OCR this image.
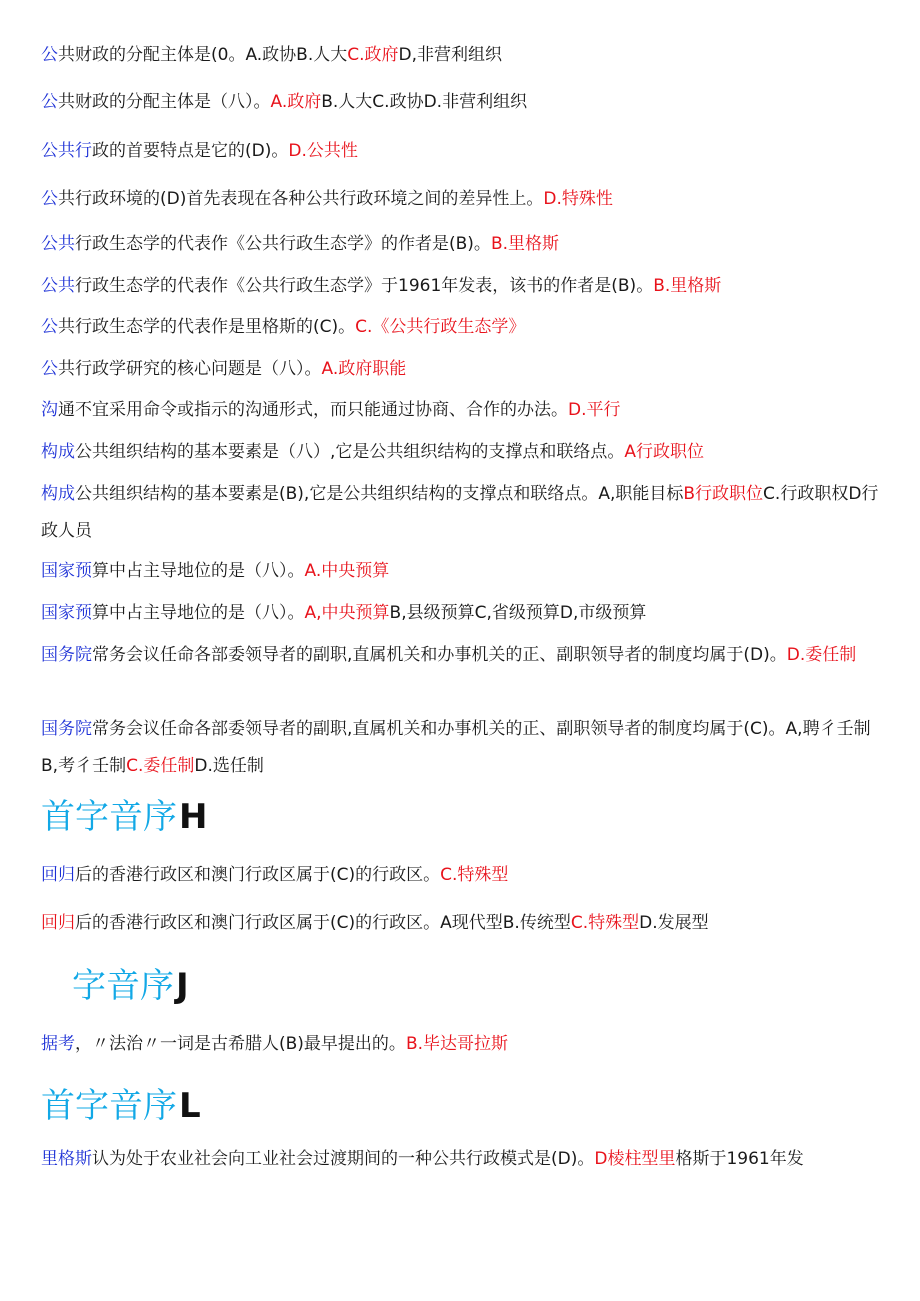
公共财政的分配主体是(0。A.政协B.人大C.政府D,非营利组织
公共财政的分配主体是（八）。A.政府B.人大C.政协D.非营利组织
公共行政的首要特点是它的(D)。D.公共性
公共行政环境的(D)首先表现在各种公共行政环境之间的差异性上。D.特殊性
公共行政生态学的代表作《公共行政生态学》的作者是(B)。B.里格斯
公共行政生态学的代表作《公共行政生态学》于1961年发表，该书的作者是(B)。B.里格斯
公共行政生态学的代表作是里格斯的(C)。C.《公共行政生态学》
公共行政学研究的核心问题是（八）。A.政府职能
沟通不宜采用命令或指示的沟通形式，而只能通过协商、合作的办法。D.平行
构成公共组织结构的基本要素是（八）,它是公共组织结构的支撑点和联络点。A行政职位
构成公共组织结构的基本要素是(B),它是公共组织结构的支撑点和联络点。A,职能目标B行政职位C.行政职权D行政人员
国家预算中占主导地位的是（八）。A.中央预算
国家预算中占主导地位的是（八）。A,中央预算B,县级预算C,省级预算D,市级预算
国务院常务会议任命各部委领导者的副职,直属机关和办事机关的正、副职领导者的制度均属于(D)。D.委任制
国务院常务会议任命各部委领导者的副职,直属机关和办事机关的正、副职领导者的制度均属于(C)。A,聘彳壬制B,考彳壬制C.委任制D.选任制
首字音序H
回归后的香港行政区和澳门行政区属于(C)的行政区。C.特殊型
回归后的香港行政区和澳门行政区属于(C)的行政区。A现代型B.传统型C.特殊型D.发展型
字音序J
据考，〃法治〃一词是古希腊人(B)最早提出的。B.毕达哥拉斯
首字音序L
里格斯认为处于农业社会向工业社会过渡期间的一种公共行政模式是(D)。D棱柱型里格斯于1961年发
